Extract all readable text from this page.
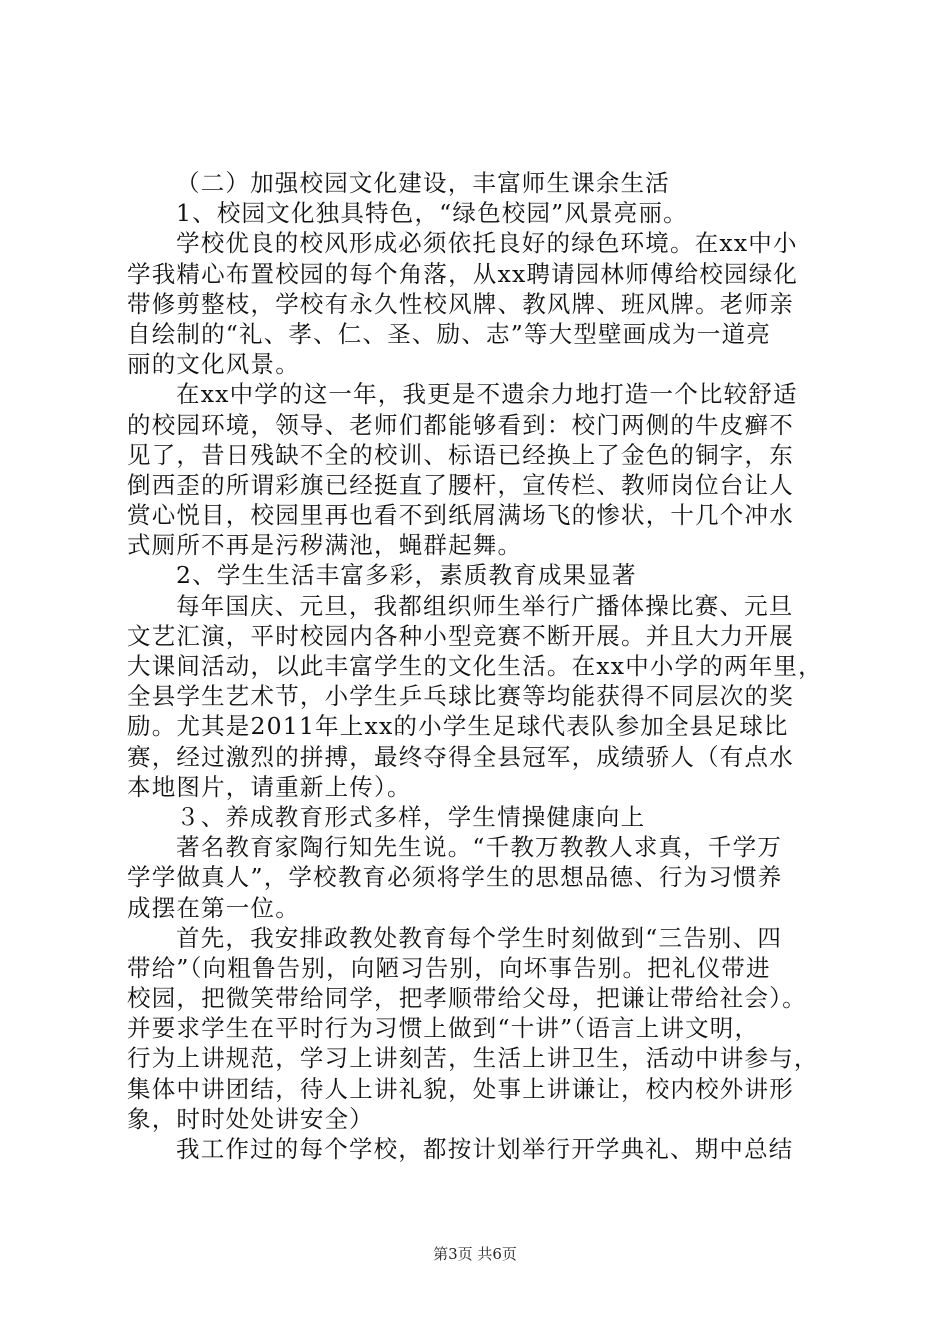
（二）加强校园文化建设，丰富师生课余生活
1、校园文化独具特色，“绿色校园”风景亮丽。
学校优良的校风形成必须依托良好的绿色环境。在xx中小
学我精心布置校园的每个角落，从xx聘请园林师傅给校园绿化
带修剪整枝，学校有永久性校风牌、教风牌、班风牌。老师亲
自绘制的“礼、孝、仁、圣、励、志”等大型壁画成为一道亮
丽的文化风景。
在xx中学的这一年，我更是不遗余力地打造一个比较舒适
的校园环境，领导、老师们都能够看到：校门两侧的牛皮癣不
见了，昔日残缺不全的校训、标语已经换上了金色的铜字，东
倒西歪的所谓彩旗已经挺直了腰杆，宣传栏、教师岗位台让人
赏心悦目，校园里再也看不到纸屑满场飞的惨状，十几个冲水
式厕所不再是污秽满池，蝇群起舞。
2、学生生活丰富多彩，素质教育成果显著
每年国庆、元旦，我都组织师生举行广播体操比赛、元旦
文艺汇演，平时校园内各种小型竞赛不断开展。并且大力开展
大课间活动，以此丰富学生的文化生活。在xx中小学的两年里，
全县学生艺术节，小学生乒乓球比赛等均能获得不同层次的奖
励。尤其是2011年上xx的小学生足球代表队参加全县足球比
赛，经过激烈的拼搏，最终夺得全县冠军，成绩骄人（有点水
本地图片，请重新上传）。
３、养成教育形式多样，学生情操健康向上
著名教育家陶行知先生说。“千教万教教人求真，千学万
学学做真人”，学校教育必须将学生的思想品德、行为习惯养
成摆在第一位。
首先，我安排政教处教育每个学生时刻做到“三告别、四
带给”（向粗鲁告别，向陋习告别，向坏事告别。把礼仪带进
校园，把微笑带给同学，把孝顺带给父母，把谦让带给社会）。
并要求学生在平时行为习惯上做到“十讲”（语言上讲文明，
行为上讲规范，学习上讲刻苦，生活上讲卫生，活动中讲参与，
集体中讲团结，待人上讲礼貌，处事上讲谦让，校内校外讲形
象，时时处处讲安全）
我工作过的每个学校，都按计划举行开学典礼、期中总结
第3页 共6页
